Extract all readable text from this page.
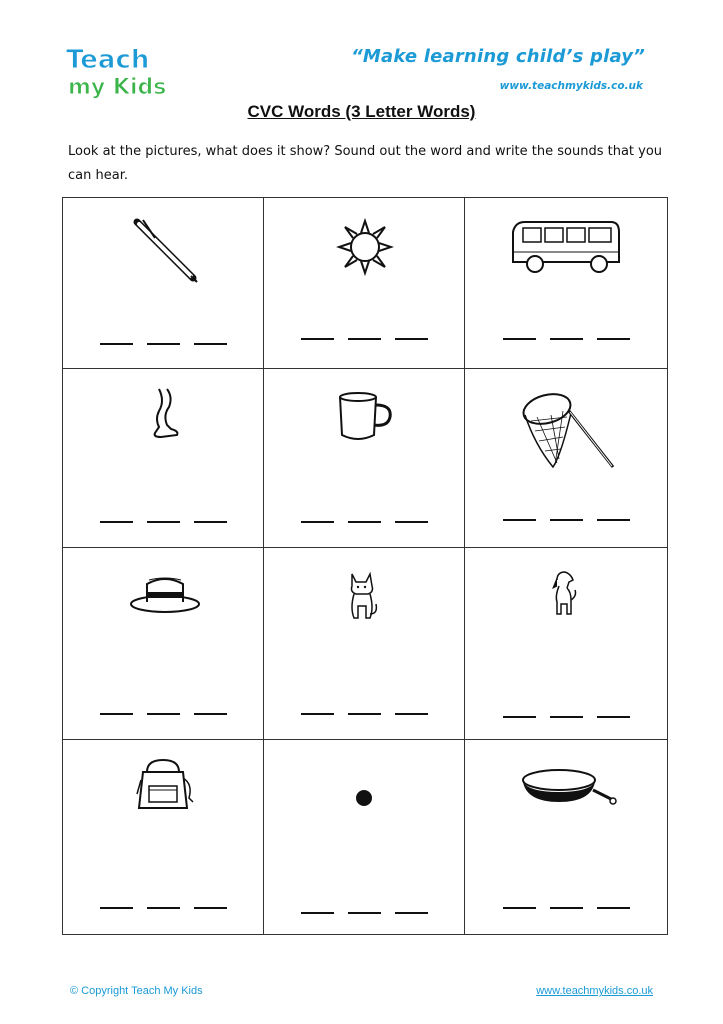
Teach
my Kids
“Make learning child’s play”
www.teachmykids.co.uk
CVC Words (3 Letter Words)
Look at the pictures, what does it show? Sound out the word and write the sounds that you can hear.

© Copyright Teach My Kids	www.teachmykids.co.uk
